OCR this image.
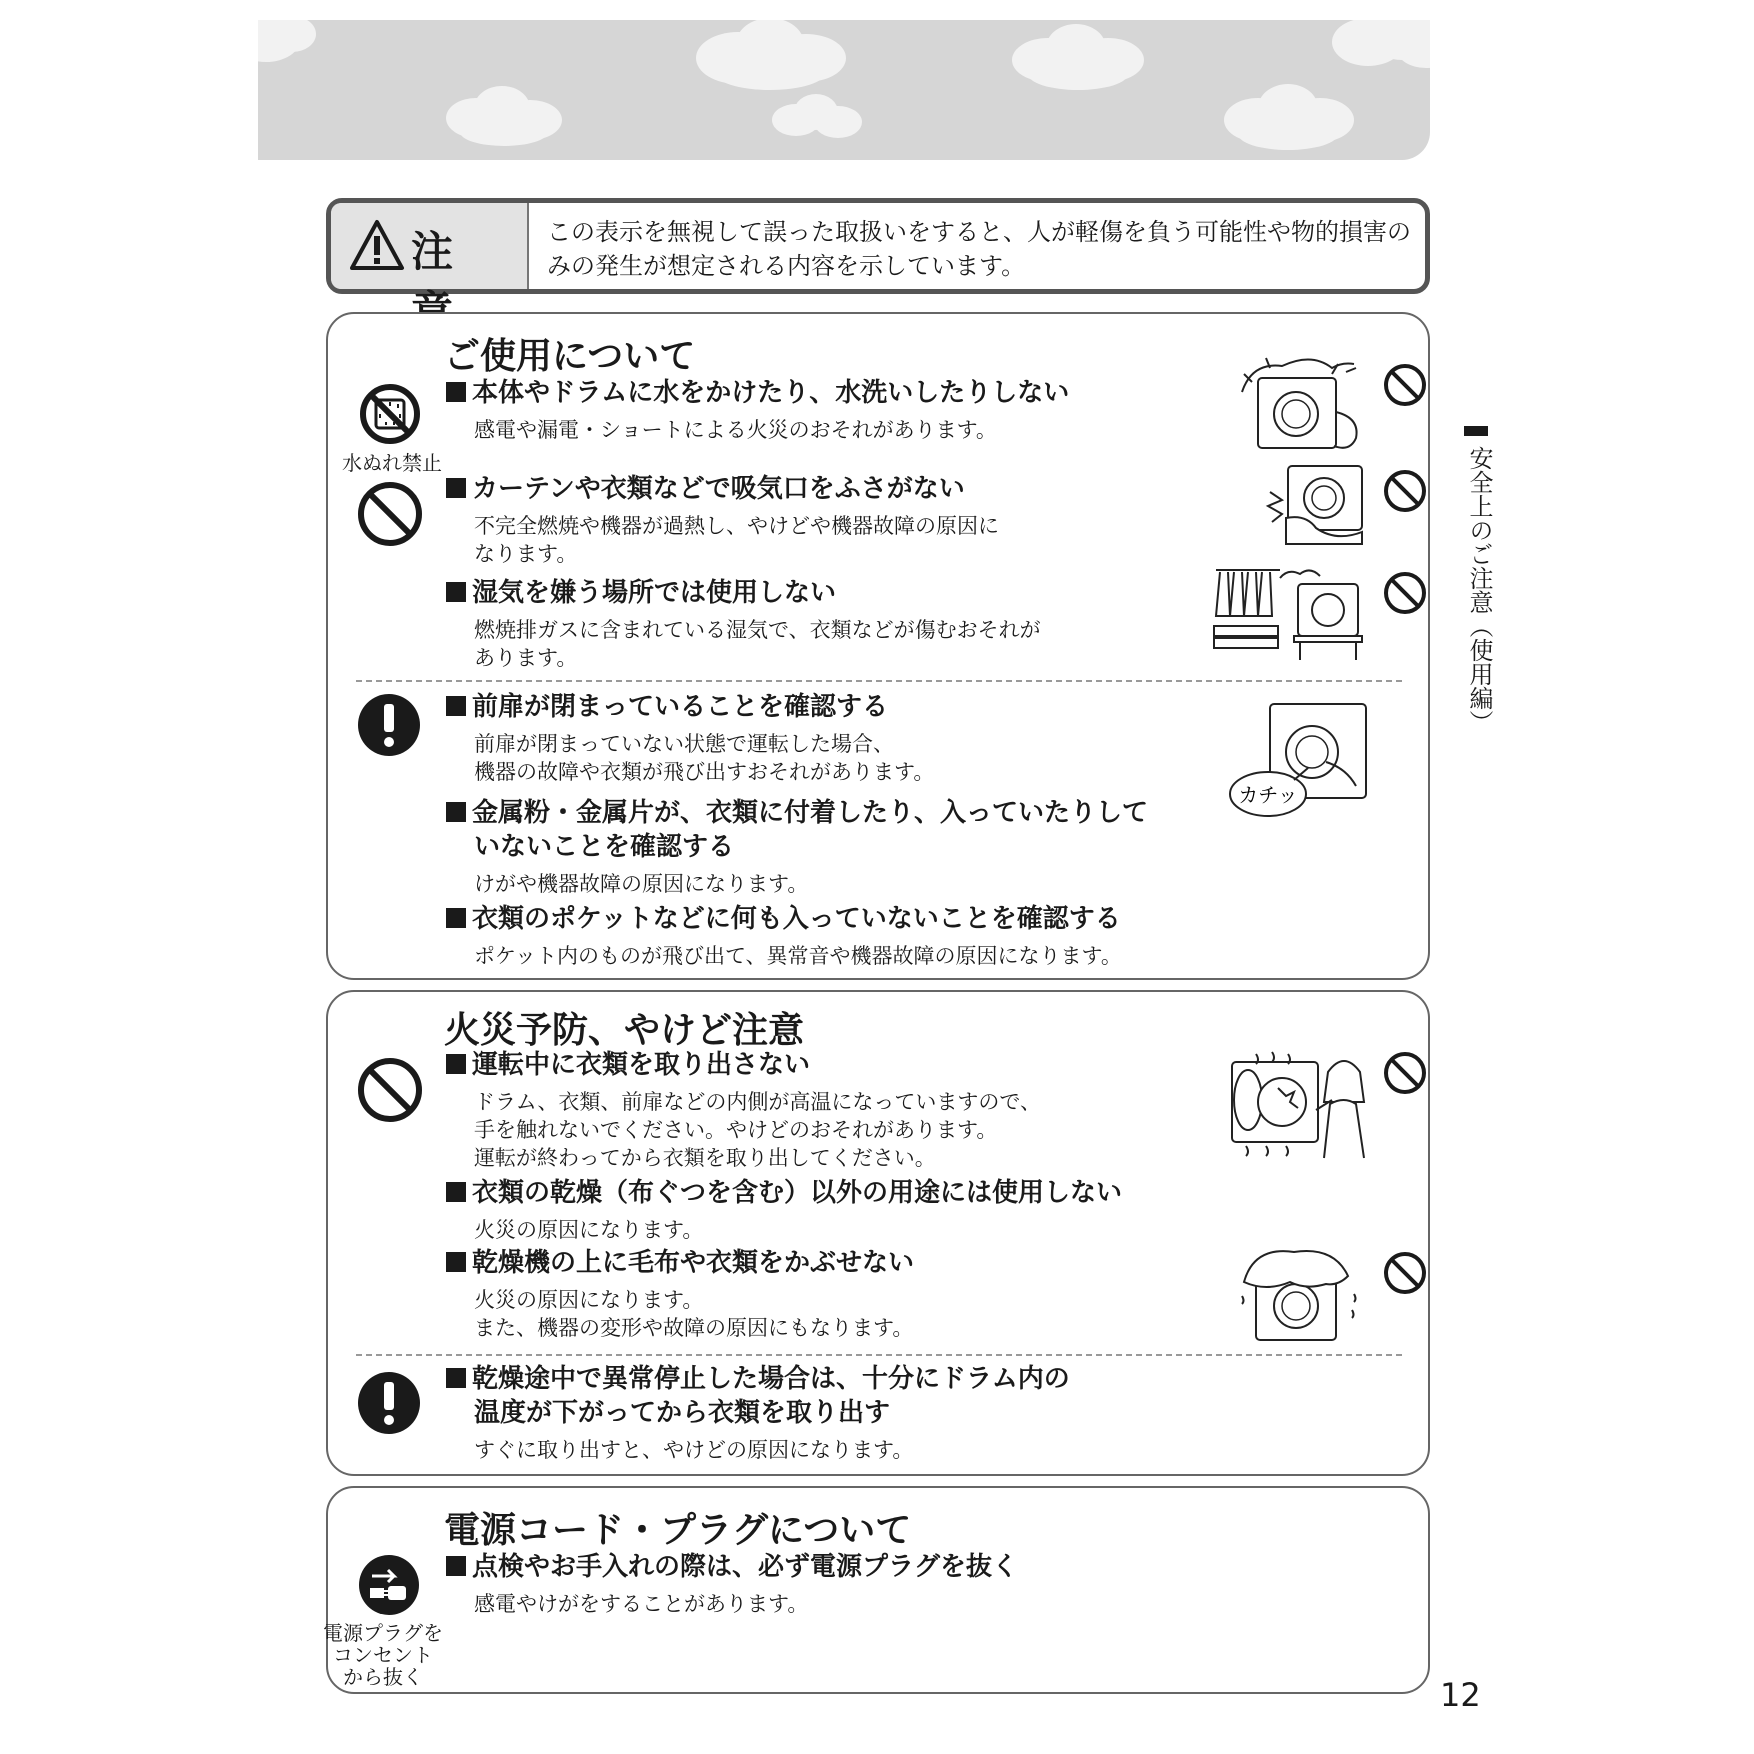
注	この表示を無視して誤った取扱いをすると、人が軽傷を負う可能性や物的損害のみの発生が想定される内容を示しています。
ご使用について
水ぬれ禁止
本体やドラムに水をかけたり、水洗いしたりしない
感電や漏電・ショートによる火災のおそれがあります。
カーテンや衣類などで吸気口をふさがない
不完全燃焼や機器が過熱し、やけどや機器故障の原因に
なります。
湿気を嫌う場所では使用しない
燃焼排ガスに含まれている湿気で、衣類などが傷むおそれが
あります。
前扉が閉まっていることを確認する
前扉が閉まっていない状態で運転した場合、
機器の故障や衣類が飛び出すおそれがあります。
金属粉・金属片が、衣類に付着したり、入っていたりして
いないことを確認する
けがや機器故障の原因になります。
衣類のポケットなどに何も入っていないことを確認する
ポケット内のものが飛び出て、異常音や機器故障の原因になります。
カチッ
火災予防、やけど注意
運転中に衣類を取り出さない
ドラム、衣類、前扉などの内側が高温になっていますので、
手を触れないでください。やけどのおそれがあります。
運転が終わってから衣類を取り出してください。
衣類の乾燥（布ぐつを含む）以外の用途には使用しない
火災の原因になります。
乾燥機の上に毛布や衣類をかぶせない
火災の原因になります。
また、機器の変形や故障の原因にもなります。
乾燥途中で異常停止した場合は、十分にドラム内の
温度が下がってから衣類を取り出す
すぐに取り出すと、やけどの原因になります。
電源コード・プラグについて
電源プラグを
コンセント
から抜く
点検やお手入れの際は、必ず電源プラグを抜く
感電やけがをすることがあります。
安全上のご注意（使用編）
12
